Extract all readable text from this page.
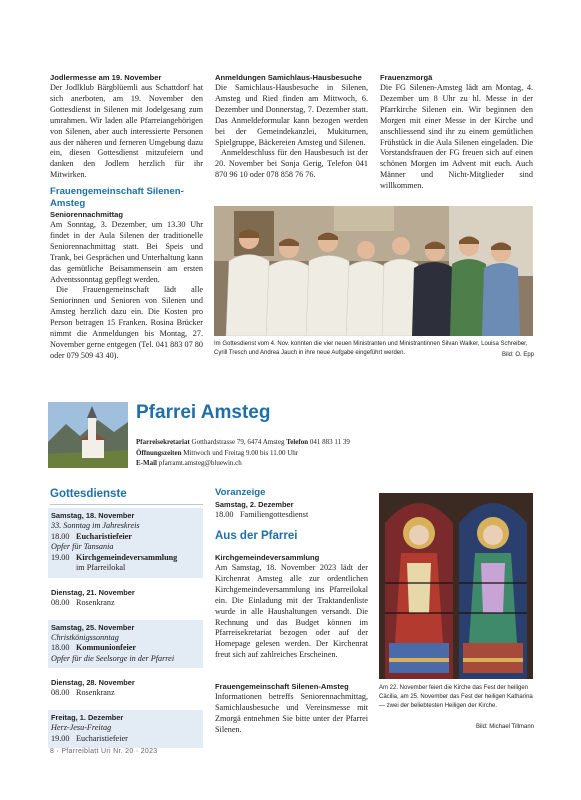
Jodlermesse am 19. November
Der Jodlklub Bärgblüemli aus Schattdorf hat sich anerboten, am 19. November den Gottesdienst in Silenen mit Jodelgesang zum umrahmen. Wir laden alle Pfarreiangehörigen von Silenen, aber auch interessierte Personen aus der näheren und ferneren Umgebung dazu ein, diesen Gottesdienst mitzufeiern und danken den Jodlern herzlich für ihr Mitwirken.
Frauengemeinschaft Silenen-Amsteg
Seniorennachmittag
Am Sonntag, 3. Dezember, um 13.30 Uhr findet in der Aula Silenen der traditionelle Seniorennachmittag statt. Bei Speis und Trank, bei Gesprächen und Unterhaltung kann das gemütliche Beisammensein am ersten Adventssonntag gepflegt werden.
Die Frauengemeinschaft lädt alle Seniorinnen und Senioren von Silenen und Amsteg herzlich dazu ein. Die Kosten pro Person betragen 15 Franken. Rosina Brücker nimmt die Anmeldungen bis Montag, 27. November gerne entgegen (Tel. 041 883 07 80 oder 079 509 43 40).
Anmeldungen Samichlaus-Hausbesuche
Die Samichlaus-Hausbesuche in Silenen, Amsteg und Ried finden am Mittwoch, 6. Dezember und Donnerstag, 7. Dezember statt. Das Anmeldeformular kann bezogen werden bei der Gemeindekanzlei, Mukiturnen, Spielgruppe, Bäckereien Amsteg und Silenen.
Anmeldeschluss für den Hausbesuch ist der 20. November bei Sonja Gerig, Telefon 041 870 96 10 oder 078 858 76 76.
Frauenzmorgä
Die FG Silenen-Amsteg lädt am Montag, 4. Dezember um 8 Uhr zu hl. Messe in der Pfarrkirche Silenen ein. Wir beginnen den Morgen mit einer Messe in der Kirche und anschliessend sind ihr zu einem gemütlichen Frühstück in die Aula Silenen eingeladen. Die Vorstandsfrauen der FG freuen sich auf einen schönen Morgen im Advent mit euch. Auch Männer und Nicht-Mitglieder sind willkommen.
Im Gottesdienst vom 4. Nov. konnten die vier neuen Ministranten und Ministrantinnen Silvan Walker, Louisa Schreiber, Cyrill Tresch und Andrea Jauch in ihre neue Aufgabe eingeführt werden.	Bild: O. Epp
Pfarrei Amsteg
Pfarreisekretariat Gotthardstrasse 79, 6474 Amsteg Telefon 041 883 11 39
Öffnungszeiten Mittwoch und Freitag 9.00 bis 11.00 Uhr
E-Mail pfarramt.amsteg@bluewin.ch
Gottesdienste
Samstag, 18. November
33. Sonntag im Jahreskreis
18.00 Eucharistiefeier
Opfer für Tansania
19.00 Kirchgemeindeversammlung
im Pfarreilokal
Dienstag, 21. November
08.00 Rosenkranz
Samstag, 25. November
Christkönigssonntag
18.00 Kommunionfeier
Opfer für die Seelsorge in der Pfarrei
Dienstag, 28. November
08.00 Rosenkranz
Freitag, 1. Dezember
Herz-Jesu-Freitag
19.00 Eucharistiefeier
Voranzeige
Samstag, 2. Dezember
18.00 Familiengottesdienst
Aus der Pfarrei
Kirchgemeindeversammlung
Am Samstag, 18. November 2023 lädt der Kirchenrat Amsteg alle zur ordentlichen Kirchgemeindeversammlung ins Pfarreilokal ein. Die Einladung mit der Traktandenliste wurde in alle Haushaltungen versandt. Die Rechnung und das Budget können im Pfarreisekretariat bezogen oder auf der Homepage gelesen werden. Der Kirchenrat freut sich auf zahlreiches Erscheinen.
Frauengemeinschaft Silenen-Amsteg
Informationen betreffs Seniorennachmittag, Samichlausbesuche und Vereinsmesse mit Zmorgä entnehmen Sie bitte unter der Pfarrei Silenen.
Am 22. November feiert die Kirche das Fest der heiligen Cäcilia, am 25. November das Fest der heiligen Katharina — zwei der beliebtesten Heiligen der Kirche.
Bild: Michael Tillmann
8 · Pfarreiblatt Uri Nr. 20 · 2023
